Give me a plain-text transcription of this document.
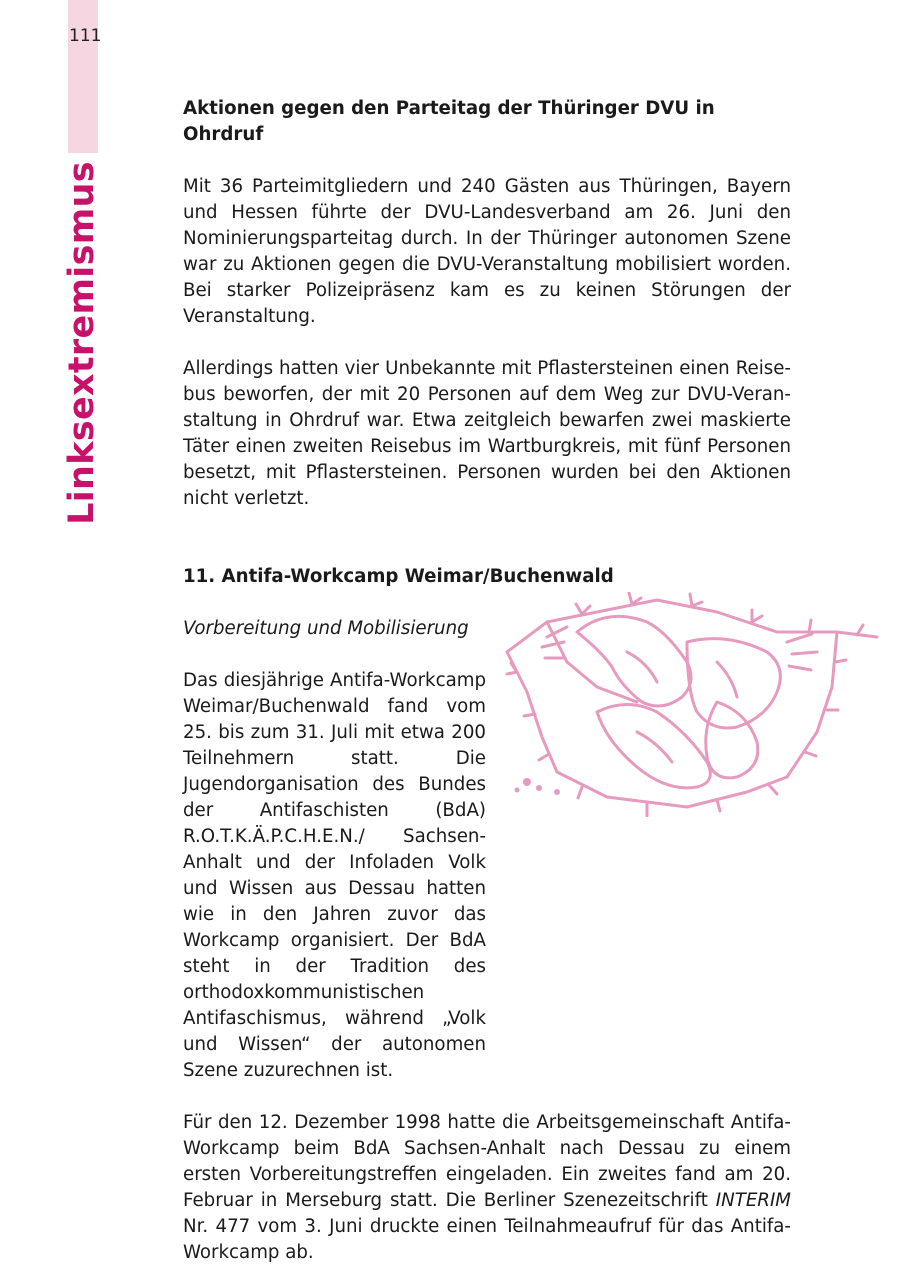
111
Linksextremismus
Aktionen gegen den Parteitag der Thüringer DVU in Ohrdruf

Mit 36 Parteimitgliedern und 240 Gästen aus Thüringen, Bayern und Hessen führte der DVU-Landesverband am 26. Juni den Nominierungsparteitag durch. In der Thüringer autonomen Szene war zu Aktionen gegen die DVU-Veranstaltung mobilisiert worden. Bei starker Polizeipräsenz kam es zu keinen Störungen der Veranstaltung.

Allerdings hatten vier Unbekannte mit Pflastersteinen einen Reisebus beworfen, der mit 20 Personen auf dem Weg zur DVU-Veranstaltung in Ohrdruf war. Etwa zeitgleich bewarfen zwei maskierte Täter einen zweiten Reisebus im Wartburgkreis, mit fünf Personen besetzt, mit Pflastersteinen. Personen wurden bei den Aktionen nicht verletzt.

11. Antifa-Workcamp Weimar/Buchenwald

Vorbereitung und Mobilisierung

Das diesjährige Antifa-Workcamp Weimar/Buchenwald fand vom 25. bis zum 31. Juli mit etwa 200 Teilnehmern statt. Die Jugendorganisation des Bundes der Antifaschisten (BdA) R.O.T.K.Ä.P.C.H.E.N./ Sachsen-Anhalt und der Infoladen Volk und Wissen aus Dessau hatten wie in den Jahren zuvor das Workcamp organisiert. Der BdA steht in der Tradition des orthodoxkommunistischen Antifaschismus, während „Volk und Wissen“ der autonomen Szene zuzurechnen ist.

Für den 12. Dezember 1998 hatte die Arbeitsgemeinschaft Antifa-Workcamp beim BdA Sachsen-Anhalt nach Dessau zu einem ersten Vorbereitungstreffen eingeladen. Ein zweites fand am 20. Februar in Merseburg statt. Die Berliner Szenezeitschrift INTERIM Nr. 477 vom 3. Juni druckte einen Teilnahmeaufruf für das Antifa-Workcamp ab.
